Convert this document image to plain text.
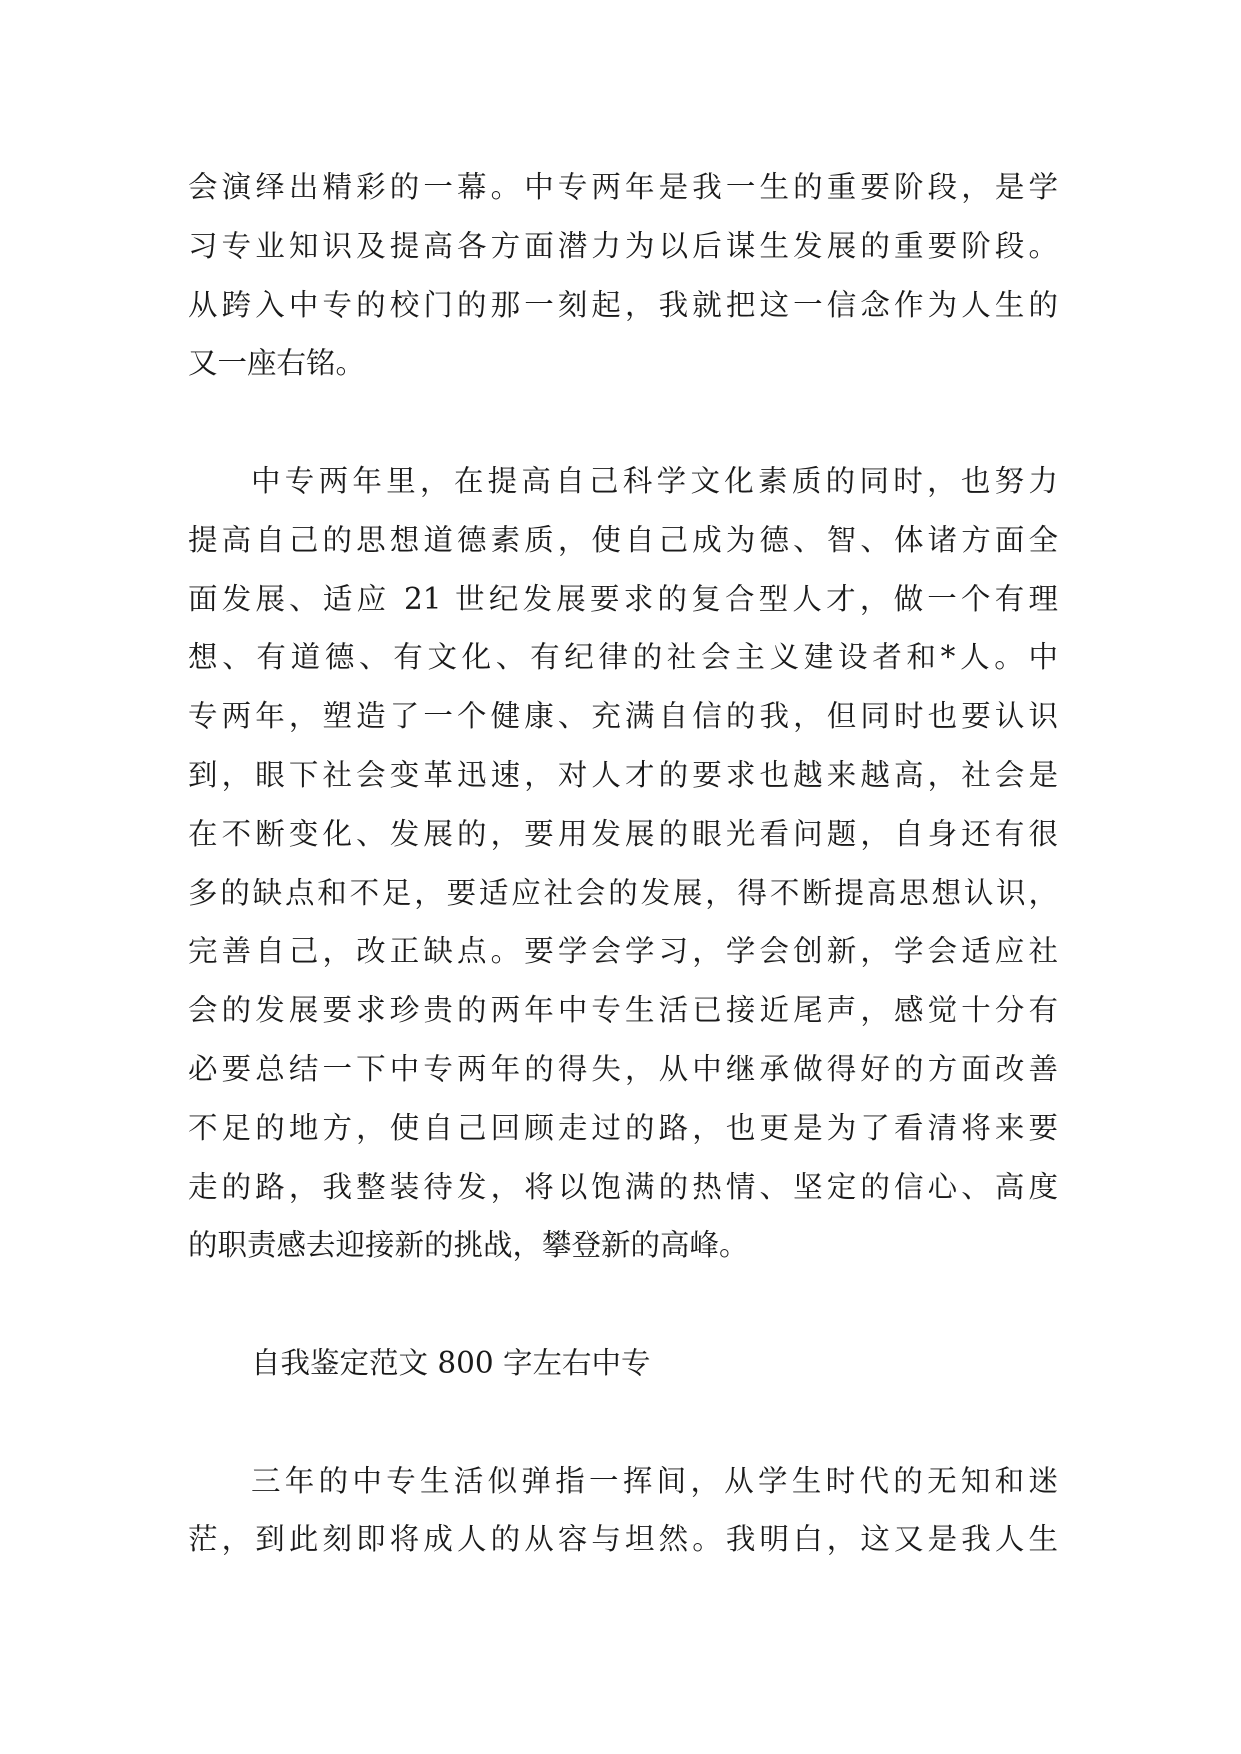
会演绎出精彩的一幕。中专两年是我一生的重要阶段，是学
习专业知识及提高各方面潜力为以后谋生发展的重要阶段。
从跨入中专的校门的那一刻起，我就把这一信念作为人生的
又一座右铭。
中专两年里，在提高自己科学文化素质的同时，也努力
提高自己的思想道德素质，使自己成为德、智、体诸方面全
面发展、适应 21 世纪发展要求的复合型人才，做一个有理
想、有道德、有文化、有纪律的社会主义建设者和*人。中
专两年，塑造了一个健康、充满自信的我，但同时也要认识
到，眼下社会变革迅速，对人才的要求也越来越高，社会是
在不断变化、发展的，要用发展的眼光看问题，自身还有很
多的缺点和不足，要适应社会的发展，得不断提高思想认识，
完善自己，改正缺点。要学会学习，学会创新，学会适应社
会的发展要求珍贵的两年中专生活已接近尾声，感觉十分有
必要总结一下中专两年的得失，从中继承做得好的方面改善
不足的地方，使自己回顾走过的路，也更是为了看清将来要
走的路，我整装待发，将以饱满的热情、坚定的信心、高度
的职责感去迎接新的挑战，攀登新的高峰。
自我鉴定范文 800 字左右中专
三年的中专生活似弹指一挥间，从学生时代的无知和迷
茫，到此刻即将成人的从容与坦然。我明白，这又是我人生
